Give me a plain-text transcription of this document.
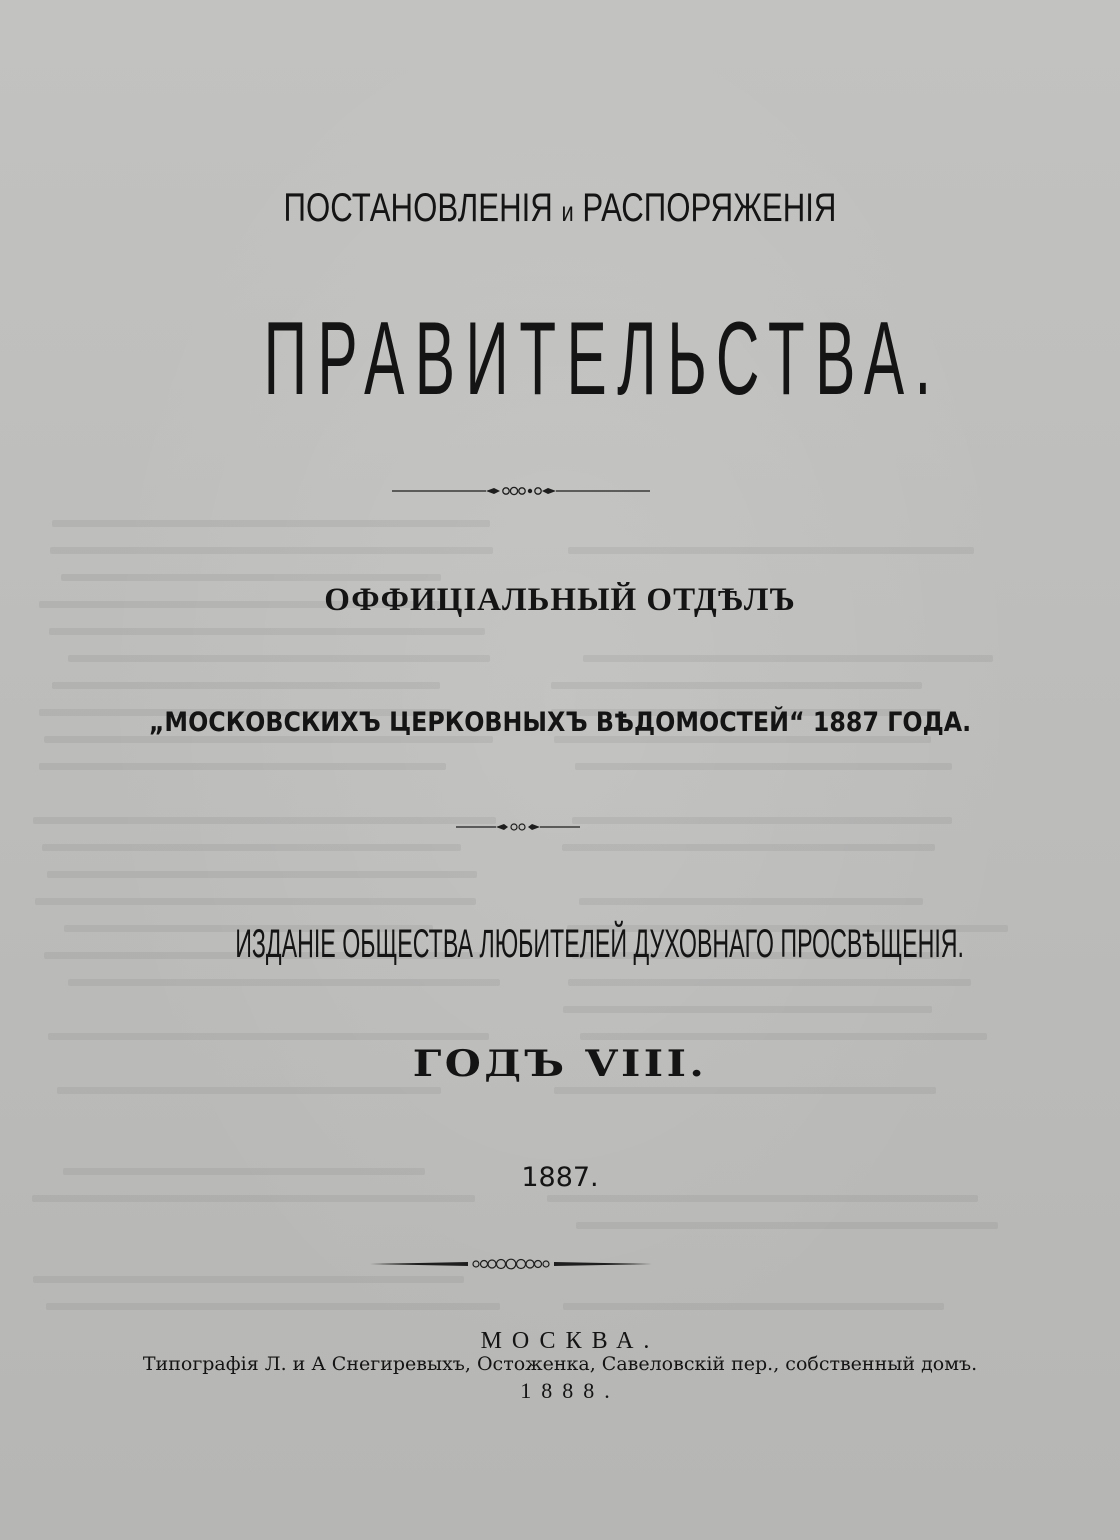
ПОСТАНОВЛЕНІЯ и РАСПОРЯЖЕНІЯ
ПРАВИТЕЛЬСТВА.
ОФФИЦІАЛЬНЫЙ ОТДѢЛЪ
„МОСКОВСКИХЪ ЦЕРКОВНЫХЪ ВѢДОМОСТЕЙ“ 1887 ГОДА.
ИЗДАНІЕ ОБЩЕСТВА ЛЮБИТЕЛЕЙ ДУХОВНАГО ПРОСВѢЩЕНІЯ.
ГОДЪ VIII.
1887.
МОСКВА.
Типографія Л. и А Снегиревыхъ, Остоженка, Савеловскій пер., собственный домъ.
1888.
